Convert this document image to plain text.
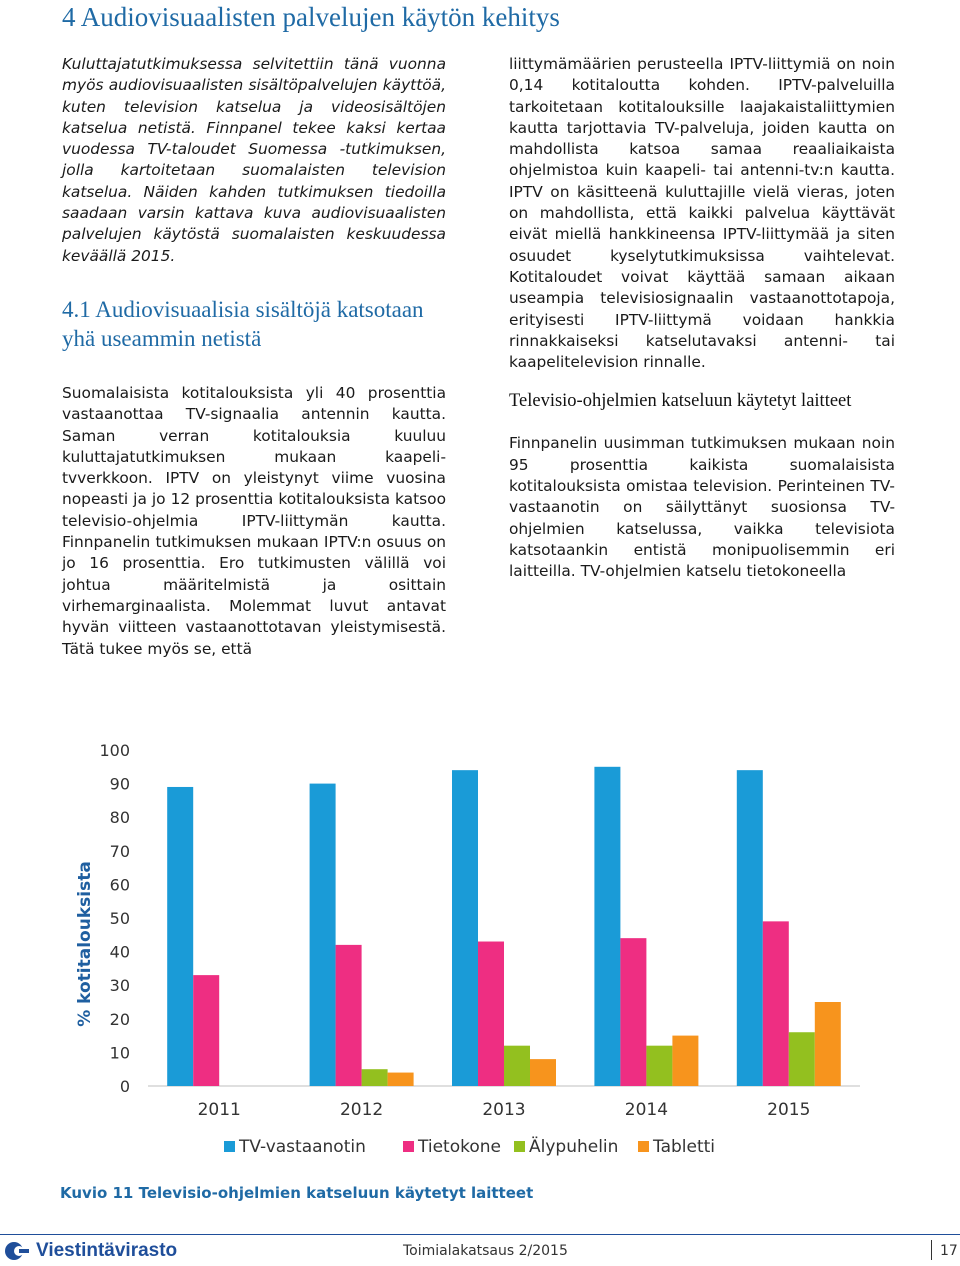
4 Audiovisuaalisten palvelujen käytön kehitys

Kuluttajatutkimuksessa selvitettiin tänä vuonna myös audiovisuaalisten sisältöpalvelujen käyttöä, kuten television katselua ja videosisältöjen katselua netistä. Finnpanel tekee kaksi kertaa vuodessa TV-taloudet Suomessa -tutkimuksen, jolla kartoitetaan suomalaisten television katselua. Näiden kahden tutkimuksen tiedoilla saadaan varsin kattava kuva audiovisuaalisten palvelujen käytöstä suomalaisten keskuudessa keväällä 2015.

4.1 Audiovisuaalisia sisältöjä katsotaan yhä useammin netistä

Suomalaisista kotitalouksista yli 40 prosenttia vastaanottaa TV-signaalia antennin kautta. Saman verran kotitalouksia kuuluu kuluttajatutkimuksen mukaan kaapeli-tvverkkoon. IPTV on yleistynyt viime vuosina nopeasti ja jo 12 prosenttia kotitalouksista katsoo televisio-ohjelmia IPTV-liittymän kautta. Finnpanelin tutkimuksen mukaan IPTV:n osuus on jo 16 prosenttia. Ero tutkimusten välillä voi johtua määritelmistä ja osittain virhemarginaalista. Molemmat luvut antavat hyvän viitteen vastaanottotavan yleistymisestä. Tätä tukee myös se, että

liittymämäärien perusteella IPTV-liittymiä on noin 0,14 kotitaloutta kohden. IPTV-palveluilla tarkoitetaan kotitalouksille laajakaistaliittymien kautta tarjottavia TV-palveluja, joiden kautta on mahdollista katsoa samaa reaaliaikaista ohjelmistoa kuin kaapeli- tai antenni-tv:n kautta. IPTV on käsitteenä kuluttajille vielä vieras, joten on mahdollista, että kaikki palvelua käyttävät eivät miellä hankkineensa IPTV-liittymää ja siten osuudet kyselytutkimuksissa vaihtelevat. Kotitaloudet voivat käyttää samaan aikaan useampia televisiosignaalin vastaanottotapoja, erityisesti IPTV-liittymä voidaan hankkia rinnakkaiseksi katselutavaksi antenni- tai kaapelitelevision rinnalle.

Televisio-ohjelmien katseluun käytetyt laitteet

Finnpanelin uusimman tutkimuksen mukaan noin 95 prosenttia kaikista suomalaisista kotitalouksista omistaa television. Perinteinen TV-vastaanotin on säilyttänyt suosionsa TV-ohjelmien katselussa, vaikka televisiota katsotaankin entistä monipuolisemmin eri laitteilla. TV-ohjelmien katselu tietokoneella

0
10
20
30
40
50
60
70
80
90
100
2011	2012	2013	2014	2015
% kotitalouksista
TV-vastaanotin	Tietokone Älypuhelin Tabletti
Kuvio 11 Televisio-ohjelmien katseluun käytetyt laitteet
Viestintävirasto	Toimialakatsaus 2/2015	17
